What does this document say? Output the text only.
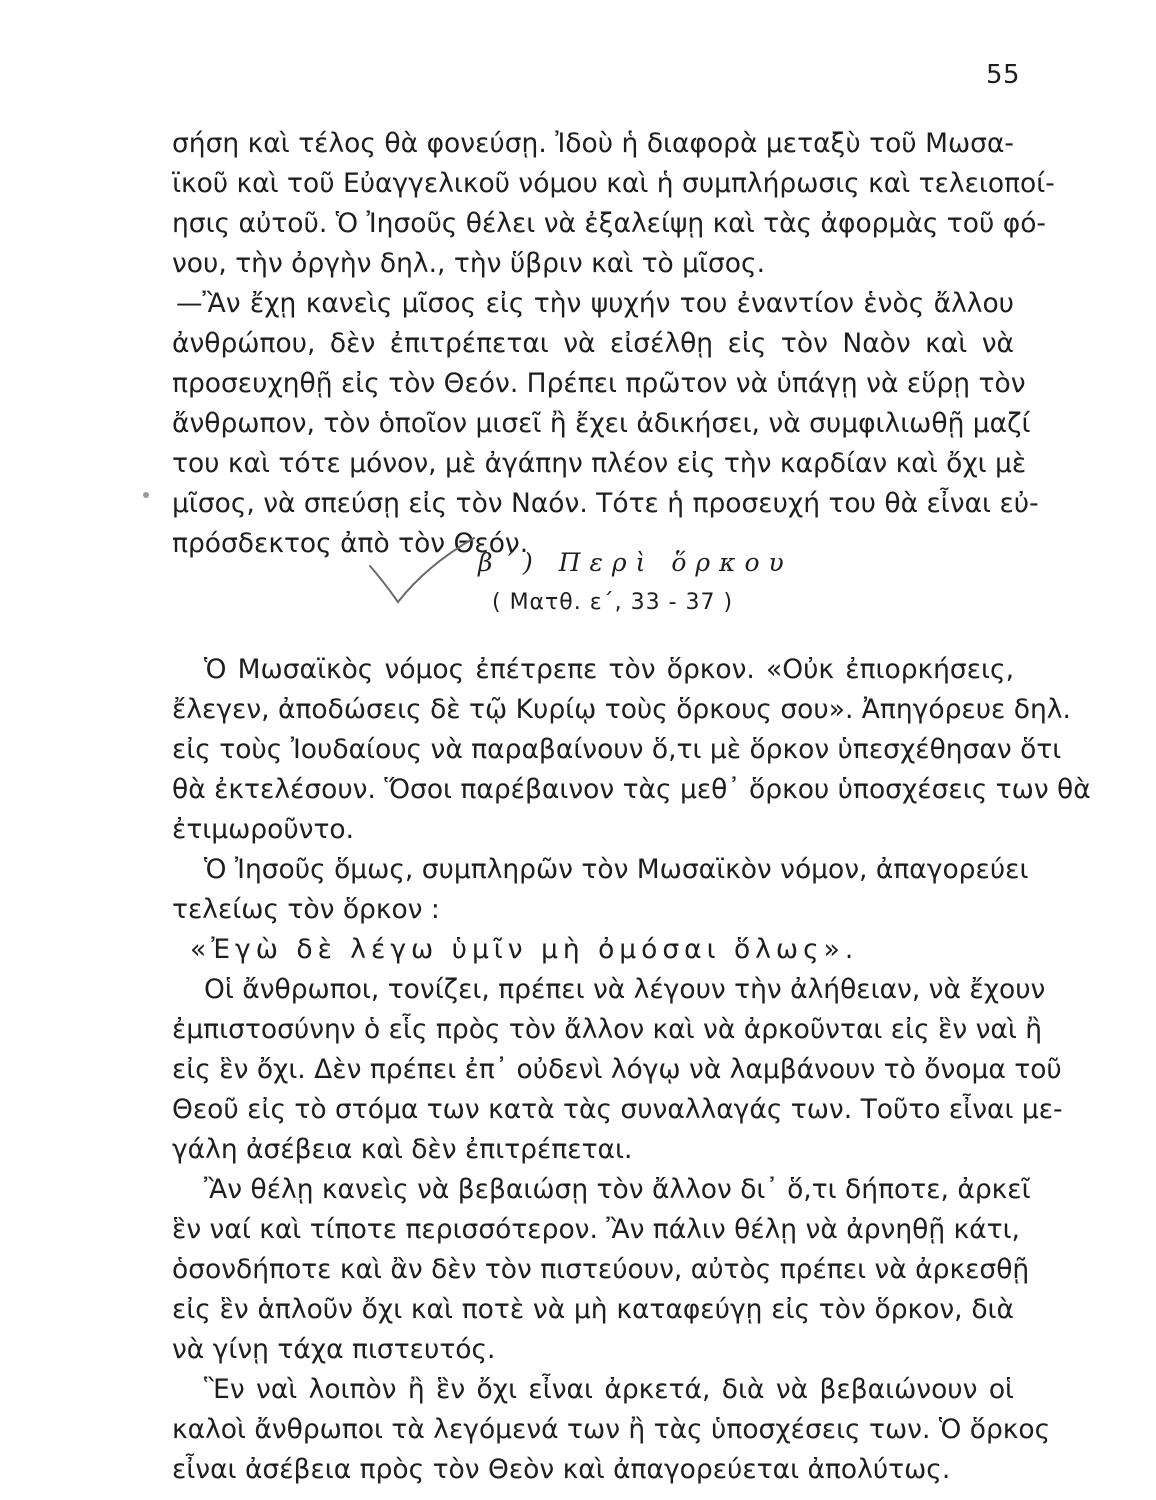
55
σήση καὶ τέλος θὰ φονεύσῃ. Ἰδοὺ ἡ διαφορὰ μεταξὺ τοῦ Μωσα-
ϊκοῦ καὶ τοῦ Εὐαγγελικοῦ νόμου καὶ ἡ συμπλήρωσις καὶ τελειοποί-
ησις αὐτοῦ. Ὁ Ἰησοῦς θέλει νὰ ἐξαλείψῃ καὶ τὰς ἀφορμὰς τοῦ φό-
νου, τὴν ὀργὴν δηλ., τὴν ὕβριν καὶ τὸ μῖσος.
—Ἂν ἔχῃ κανεὶς μῖσος εἰς τὴν ψυχήν του ἐναντίον ἑνὸς ἄλλου
ἀνθρώπου, δὲν ἐπιτρέπεται νὰ εἰσέλθῃ εἰς τὸν Ναὸν καὶ νὰ
προσευχηθῇ εἰς τὸν Θεόν. Πρέπει πρῶτον νὰ ὑπάγῃ νὰ εὕρῃ τὸν
ἄνθρωπον, τὸν ὁποῖον μισεῖ ἢ ἔχει ἀδικήσει, νὰ συμφιλιωθῇ μαζί
του καὶ τότε μόνον, μὲ ἀγάπην πλέον εἰς τὴν καρδίαν καὶ ὄχι μὲ
μῖσος, νὰ σπεύσῃ εἰς τὸν Ναόν. Τότε ἡ προσευχή του θὰ εἶναι εὐ-
πρόσδεκτος ἀπὸ τὸν Θεόν.
β΄) Περὶ ὅρκου
( Ματθ. ε΄, 33 - 37 )
Ὁ Μωσαϊκὸς νόμος ἐπέτρεπε τὸν ὅρκον. «Οὐκ ἐπιορκήσεις,
ἔλεγεν, ἀποδώσεις δὲ τῷ Κυρίῳ τοὺς ὅρκους σου». Ἀπηγόρευε δηλ.
εἰς τοὺς Ἰουδαίους νὰ παραβαίνουν ὅ,τι μὲ ὅρκον ὑπεσχέθησαν ὅτι
θὰ ἐκτελέσουν. Ὅσοι παρέβαινον τὰς μεθ᾽ ὅρκου ὑποσχέσεις των θὰ
ἐτιμωροῦντο.
Ὁ Ἰησοῦς ὅμως, συμπληρῶν τὸν Μωσαϊκὸν νόμον, ἀπαγορεύει
τελείως τὸν ὅρκον :
«Ἐγὼ δὲ λέγω ὑμῖν μὴ ὀμόσαι ὅλως».
Οἱ ἄνθρωποι, τονίζει, πρέπει νὰ λέγουν τὴν ἀλήθειαν, νὰ ἔχουν
ἐμπιστοσύνην ὁ εἷς πρὸς τὸν ἄλλον καὶ νὰ ἀρκοῦνται εἰς ἓν ναὶ ἢ
εἰς ἓν ὄχι. Δὲν πρέπει ἐπ᾽ οὐδενὶ λόγῳ νὰ λαμβάνουν τὸ ὄνομα τοῦ
Θεοῦ εἰς τὸ στόμα των κατὰ τὰς συναλλαγάς των. Τοῦτο εἶναι με-
γάλη ἀσέβεια καὶ δὲν ἐπιτρέπεται.
Ἂν θέλῃ κανεὶς νὰ βεβαιώσῃ τὸν ἄλλον δι᾽ ὅ,τι δήποτε, ἀρκεῖ
ἓν ναί καὶ τίποτε περισσότερον. Ἂν πάλιν θέλῃ νὰ ἀρνηθῇ κάτι,
ὁσονδήποτε καὶ ἂν δὲν τὸν πιστεύουν, αὐτὸς πρέπει νὰ ἀρκεσθῇ
εἰς ἓν ἁπλοῦν ὄχι καὶ ποτὲ νὰ μὴ καταφεύγῃ εἰς τὸν ὅρκον, διὰ
νὰ γίνῃ τάχα πιστευτός.
Ἓν ναὶ λοιπὸν ἢ ἓν ὄχι εἶναι ἀρκετά, διὰ νὰ βεβαιώνουν οἱ
καλοὶ ἄνθρωποι τὰ λεγόμενά των ἢ τὰς ὑποσχέσεις των. Ὁ ὅρκος
εἶναι ἀσέβεια πρὸς τὸν Θεὸν καὶ ἀπαγορεύεται ἀπολύτως.
